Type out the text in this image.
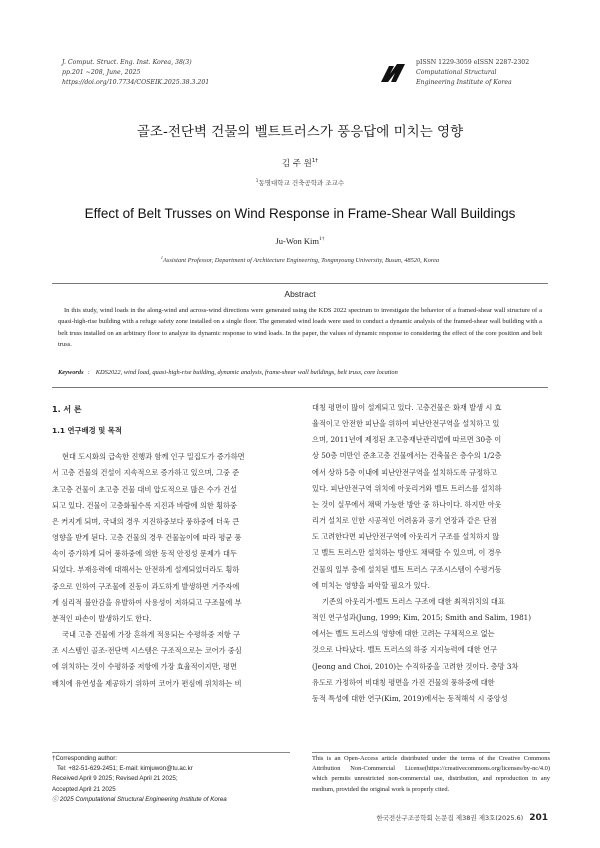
J. Comput. Struct. Eng. Inst. Korea, 38(3)
pp.201 ~208, June, 2025
https://doi.org/10.7734/COSEIK.2025.38.3.201
pISSN 1229-3059 eISSN 2287-2302
Computational Structural
Engineering Institute of Korea
골조-전단벽 건물의 벨트트러스가 풍응답에 미치는 영향
김 주 원$^{1\dagger}$
$^1$동명대학교 건축공학과 조교수
Effect of Belt Trusses on Wind Response in Frame-Shear Wall Buildings
Ju-Won Kim$^{1\dagger}$
$^1$Assistant Professor, Department of Architecture Engineering, Tongmyoung University, Busan, 48520, Korea
Abstract
In this study, wind loads in the along-wind and across-wind directions were generated using the KDS 2022 spectrum to investigate the behavior of a framed-shear wall structure of a quasi-high-rise building with a refuge safety zone installed on a single floor. The generated wind loads were used to conduct a dynamic analysis of the framed-shear wall building with a belt truss installed on an arbitrary floor to analyze its dynamic response to wind loads. In the paper, the values of dynamic response to considering the effect of the core position and belt truss.
Keywords : KDS2022, wind load, quasi-high-rise building, dynamic analysis, frame-shear wall buildings, belt truss, core location
1. 서 론
1.1 연구배경 및 목적
현대 도시화의 급속한 진행과 함께 인구 밀집도가 증가하면
서 고층 건물의 건설이 지속적으로 증가하고 있으며, 그중 준
초고층 건물이 초고층 건물 대비 압도적으로 많은 수가 건설
되고 있다. 건물이 고층화될수록 지진과 바람에 의한 횡하중
은 커지게 되며, 국내의 경우 지진하중보다 풍하중에 더욱 큰
영향을 받게 된다. 고층 건물의 경우 건물높이에 따라 평균 풍
속이 증가하게 되어 풍하중에 의한 동적 안정성 문제가 대두
되었다. 부재응력에 대해서는 안전하게 설계되었더라도 횡하
중으로 인하여 구조물에 진동이 과도하게 발생하면 거주자에
게 심리적 불안감을 유발하여 사용성이 저하되고 구조물에 부
분적인 파손이 발생하기도 한다.
국내 고층 건물에 가장 흔하게 적용되는 수평하중 저항 구
조 시스템인 골조-전단벽 시스템은 구조적으로는 코어가 중심
에 위치하는 것이 수평하중 저항에 가장 효율적이지만, 평면
배치에 유연성을 제공하기 위하여 코어가 편심에 위치하는 비
대칭 평면이 많이 설계되고 있다. 고층건물은 화재 발생 시 효
율적이고 안전한 피난을 위하여 피난안전구역을 설치하고 있
으며, 2011년에 제정된 초고층재난관리법에 따르면 30층 이
상 50층 미만인 준초고층 건물에서는 건축물은 층수의 1/2층
에서 상하 5층 이내에 피난안전구역을 설치하도록 규정하고
있다. 피난안전구역 위치에 아웃리거와 벨트 트러스를 설치하
는 것이 실무에서 채택 가능한 방안 중 하나이다. 하지만 아웃
리거 설치로 인한 시공적인 어려움과 공기 연장과 같은 단점
도 고려한다면 피난안전구역에 아웃리거 구조를 설치하지 않
고 벨트 트러스만 설치하는 방안도 채택할 수 있으며, 이 경우
건물의 일부 층에 설치된 벨트 트러스 구조시스템이 수평거동
에 미치는 영향을 파악할 필요가 있다.
기존의 아웃리거-벨트 트러스 구조에 대한 최적위치의 대표
적인 연구성과(Jung, 1999; Kim, 2015; Smith and Salim, 1981)
에서는 벨트 트러스의 영향에 대한 고려는 구체적으로 없는
것으로 나타났다. 벨트 트러스의 하중 지지능력에 대한 연구
(Jeong and Choi, 2010)는 수직하중을 고려한 것이다. 층망 3차
유도로 가정하여 비대칭 평면을 가진 건물의 풍하중에 대한
동적 특성에 대한 연구(Kim, 2019)에서는 동적해석 시 중앙성
†Corresponding author:
Tel: +82-51-629-2451; E-mail: kimjuwon@tu.ac.kr
Received April 9 2025; Revised April 21 2025;
Accepted April 21 2025
ⓒ 2025 Computational Structural Engineering Institute of Korea
This is an Open-Access article distributed under the terms of the Creative Commons Attribution Non-Commercial License(https://creativecommons.org/licenses/by-nc/4.0) which permits unrestricted non-commercial use, distribution, and reproduction in any medium, provided the original work is properly cited.
한국전산구조공학회 논문집 제38권 제3호(2025.6) 201
